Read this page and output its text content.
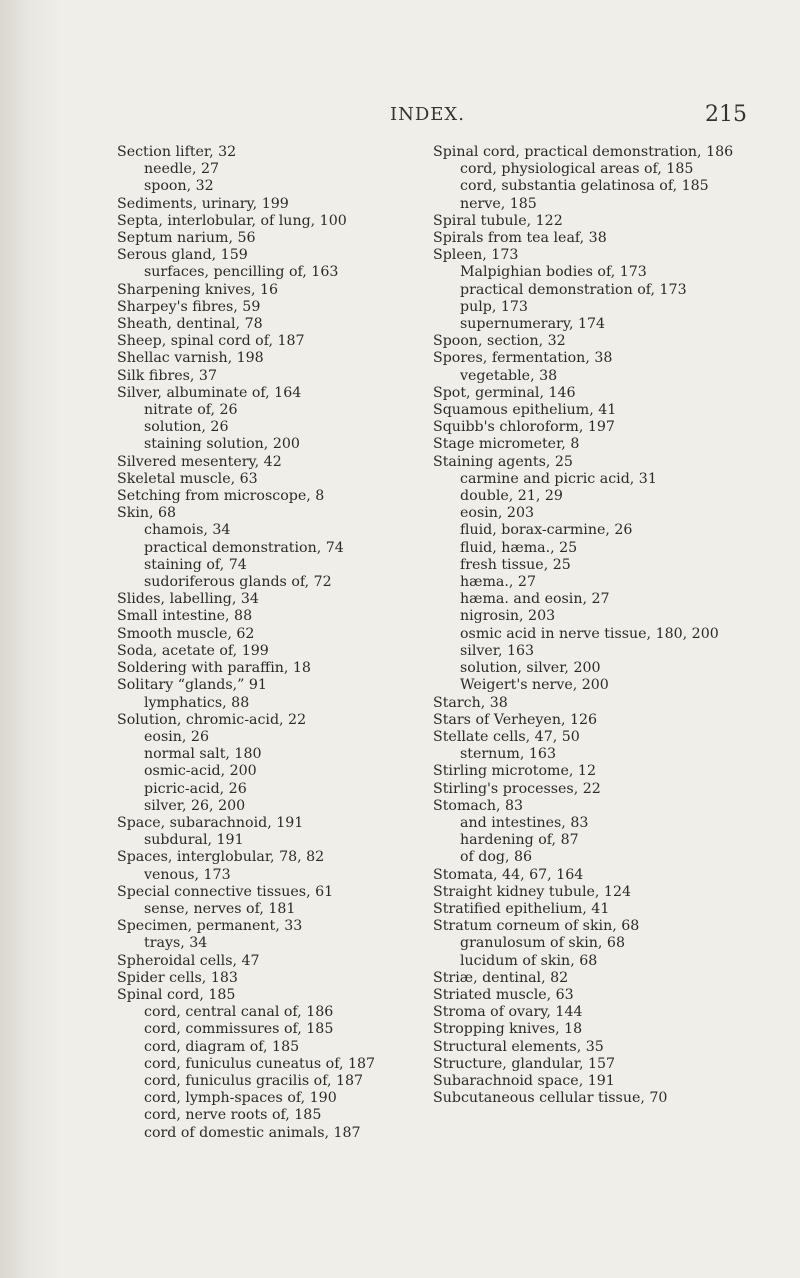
INDEX.	215
Section lifter, 32
needle, 27
spoon, 32
Sediments, urinary, 199
Septa, interlobular, of lung, 100
Septum narium, 56
Serous gland, 159
surfaces, pencilling of, 163
Sharpening knives, 16
Sharpey's fibres, 59
Sheath, dentinal, 78
Sheep, spinal cord of, 187
Shellac varnish, 198
Silk fibres, 37
Silver, albuminate of, 164
nitrate of, 26
solution, 26
staining solution, 200
Silvered mesentery, 42
Skeletal muscle, 63
Setching from microscope, 8
Skin, 68
chamois, 34
practical demonstration, 74
staining of, 74
sudoriferous glands of, 72
Slides, labelling, 34
Small intestine, 88
Smooth muscle, 62
Soda, acetate of, 199
Soldering with paraffin, 18
Solitary “glands,” 91
lymphatics, 88
Solution, chromic-acid, 22
eosin, 26
normal salt, 180
osmic-acid, 200
picric-acid, 26
silver, 26, 200
Space, subarachnoid, 191
subdural, 191
Spaces, interglobular, 78, 82
venous, 173
Special connective tissues, 61
sense, nerves of, 181
Specimen, permanent, 33
trays, 34
Spheroidal cells, 47
Spider cells, 183
Spinal cord, 185
cord, central canal of, 186
cord, commissures of, 185
cord, diagram of, 185
cord, funiculus cuneatus of, 187
cord, funiculus gracilis of, 187
cord, lymph-spaces of, 190
cord, nerve roots of, 185
cord of domestic animals, 187
Spinal cord, practical demonstration, 186
cord, physiological areas of, 185
cord, substantia gelatinosa of, 185
nerve, 185
Spiral tubule, 122
Spirals from tea leaf, 38
Spleen, 173
Malpighian bodies of, 173
practical demonstration of, 173
pulp, 173
supernumerary, 174
Spoon, section, 32
Spores, fermentation, 38
vegetable, 38
Spot, germinal, 146
Squamous epithelium, 41
Squibb's chloroform, 197
Stage micrometer, 8
Staining agents, 25
carmine and picric acid, 31
double, 21, 29
eosin, 203
fluid, borax-carmine, 26
fluid, hæma., 25
fresh tissue, 25
hæma., 27
hæma. and eosin, 27
nigrosin, 203
osmic acid in nerve tissue, 180, 200
silver, 163
solution, silver, 200
Weigert's nerve, 200
Starch, 38
Stars of Verheyen, 126
Stellate cells, 47, 50
sternum, 163
Stirling microtome, 12
Stirling's processes, 22
Stomach, 83
and intestines, 83
hardening of, 87
of dog, 86
Stomata, 44, 67, 164
Straight kidney tubule, 124
Stratified epithelium, 41
Stratum corneum of skin, 68
granulosum of skin, 68
lucidum of skin, 68
Striæ, dentinal, 82
Striated muscle, 63
Stroma of ovary, 144
Stropping knives, 18
Structural elements, 35
Structure, glandular, 157
Subarachnoid space, 191
Subcutaneous cellular tissue, 70
